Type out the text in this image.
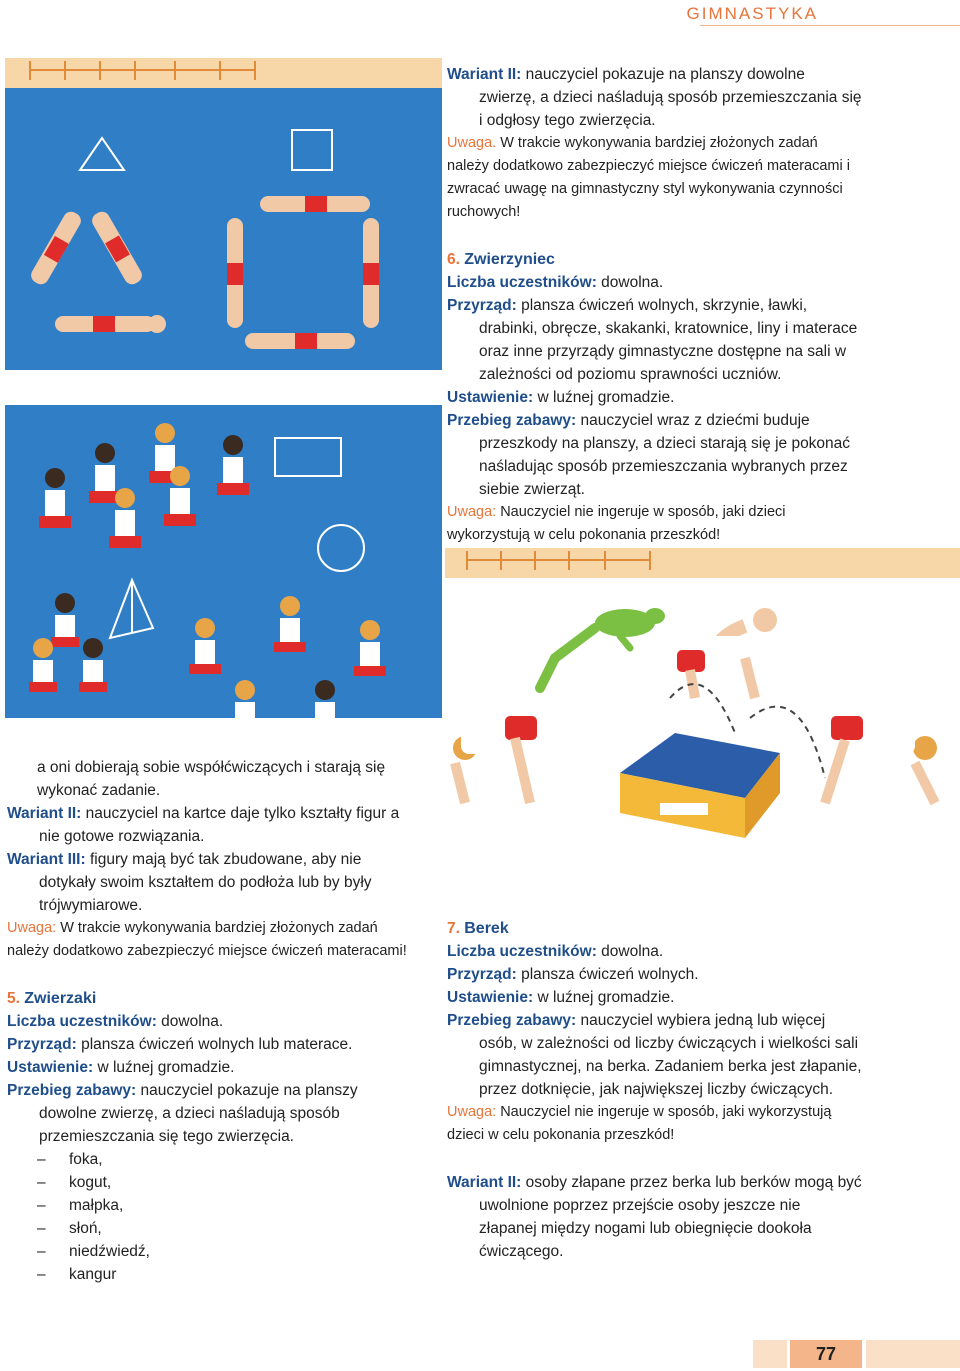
GIMNASTYKA

Wariant II: nauczyciel pokazuje na planszy dowolne zwierzę, a dzieci naśladują sposób przemieszczania się i odgłosy tego zwierzęcia.

Uwaga. W trakcie wykonywania bardziej złożonych zadań należy dodatkowo zabezpieczyć miejsce ćwiczeń materacami i zwracać uwagę na gimnastyczny styl wykonywania czynności ruchowych!

6. Zwierzyniec

Liczba uczestników: dowolna.

Przyrząd: plansza ćwiczeń wolnych, skrzynie, ławki, drabinki, obręcze, skakanki, kratownice, liny i materace oraz inne przyrządy gimnastyczne dostępne na sali w zależności od poziomu sprawności uczniów.

Ustawienie: w luźnej gromadzie.

Przebieg zabawy: nauczyciel wraz z dziećmi buduje przeszkody na planszy, a dzieci starają się je pokonać naśladując sposób przemieszczania wybranych przez siebie zwierząt.

Uwaga: Nauczyciel nie ingeruje w sposób, jaki dzieci wykorzystują w celu pokonania przeszkód!

a oni dobierają sobie współćwiczących i starają się wykonać zadanie.

Wariant II: nauczyciel na kartce daje tylko kształty figur a nie gotowe rozwiązania.

Wariant III: figury mają być tak zbudowane, aby nie dotykały swoim kształtem do podłoża lub by były trójwymiarowe.

Uwaga: W trakcie wykonywania bardziej złożonych zadań należy dodatkowo zabezpieczyć miejsce ćwiczeń materacami!

5. Zwierzaki

Liczba uczestników: dowolna.

Przyrząd: plansza ćwiczeń wolnych lub materace.

Ustawienie: w luźnej gromadzie.

Przebieg zabawy: nauczyciel pokazuje na planszy dowolne zwierzę, a dzieci naśladują sposób przemieszczania się tego zwierzęcia.

– foka,
– kogut,
– małpka,
– słoń,
– niedźwiedź,
– kangur

7. Berek

Liczba uczestników: dowolna.

Przyrząd: plansza ćwiczeń wolnych.

Ustawienie: w luźnej gromadzie.

Przebieg zabawy: nauczyciel wybiera jedną lub więcej osób, w zależności od liczby ćwiczących i wielkości sali gimnastycznej, na berka. Zadaniem berka jest złapanie, przez dotknięcie, jak największej liczby ćwiczących.

Uwaga: Nauczyciel nie ingeruje w sposób, jaki wykorzystują dzieci w celu pokonania przeszkód!

Wariant II: osoby złapane przez berka lub berków mogą być uwolnione poprzez przejście osoby jeszcze nie złapanej między nogami lub obiegnięcie dookoła ćwiczącego.

77
